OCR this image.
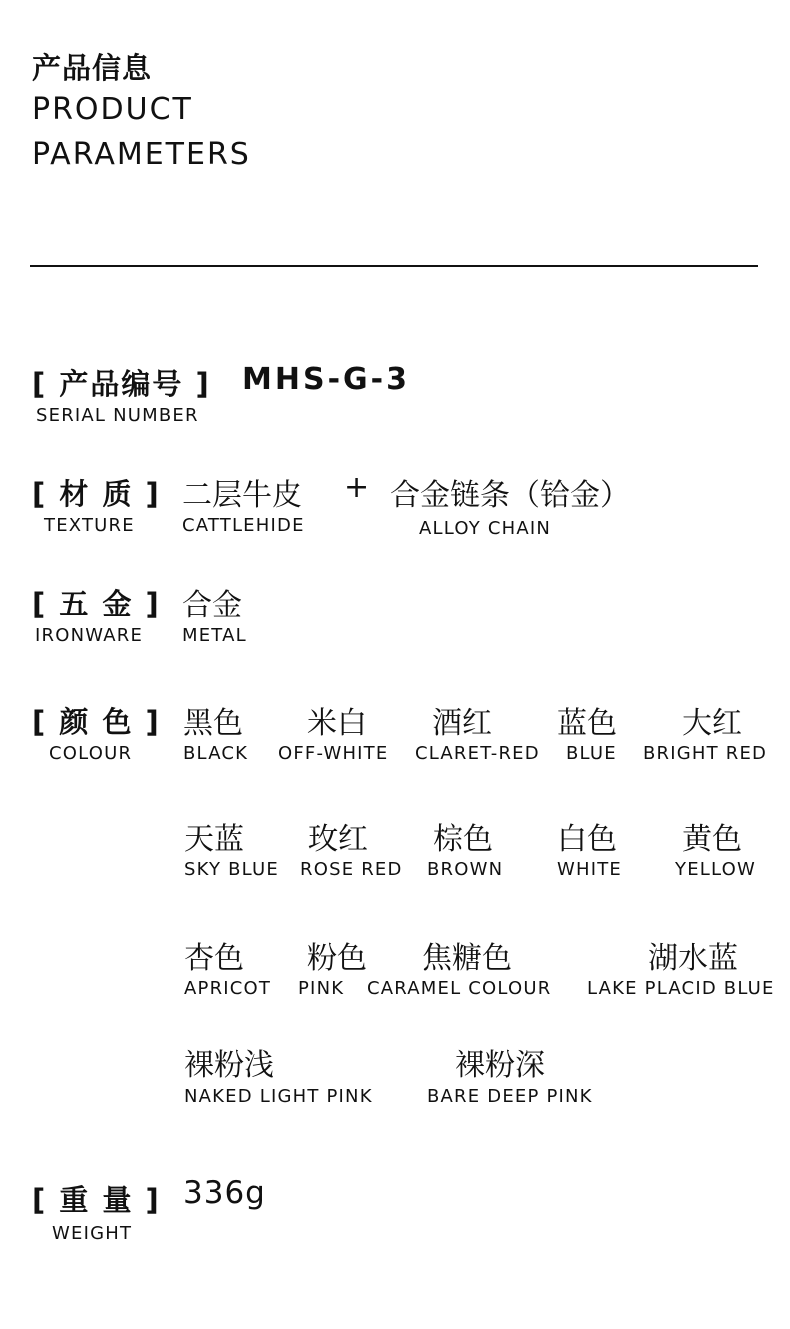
产品信息
PRODUCT
PARAMETERS
[ 产品编号 ] MHS-G-3
SERIAL NUMBER
[ 材 质 ]
TEXTURE
二层牛皮
CATTLEHIDE
+ 合金链条（铪金）
ALLOY CHAIN
[ 五 金 ]
IRONWARE
合金
METAL
[ 颜 色 ]
COLOUR
黑色
BLACK
米白
OFF-WHITE
酒红
CLARET-RED
蓝色
BLUE
大红
BRIGHT RED
天蓝
SKY BLUE
玫红
ROSE RED
棕色
BROWN
白色
WHITE
黄色
YELLOW
杏色
APRICOT
粉色
PINK
焦糖色
CARAMEL COLOUR
湖水蓝
LAKE PLACID BLUE
裸粉浅
NAKED LIGHT PINK
裸粉深
BARE DEEP PINK
[ 重 量 ]
WEIGHT
336g
